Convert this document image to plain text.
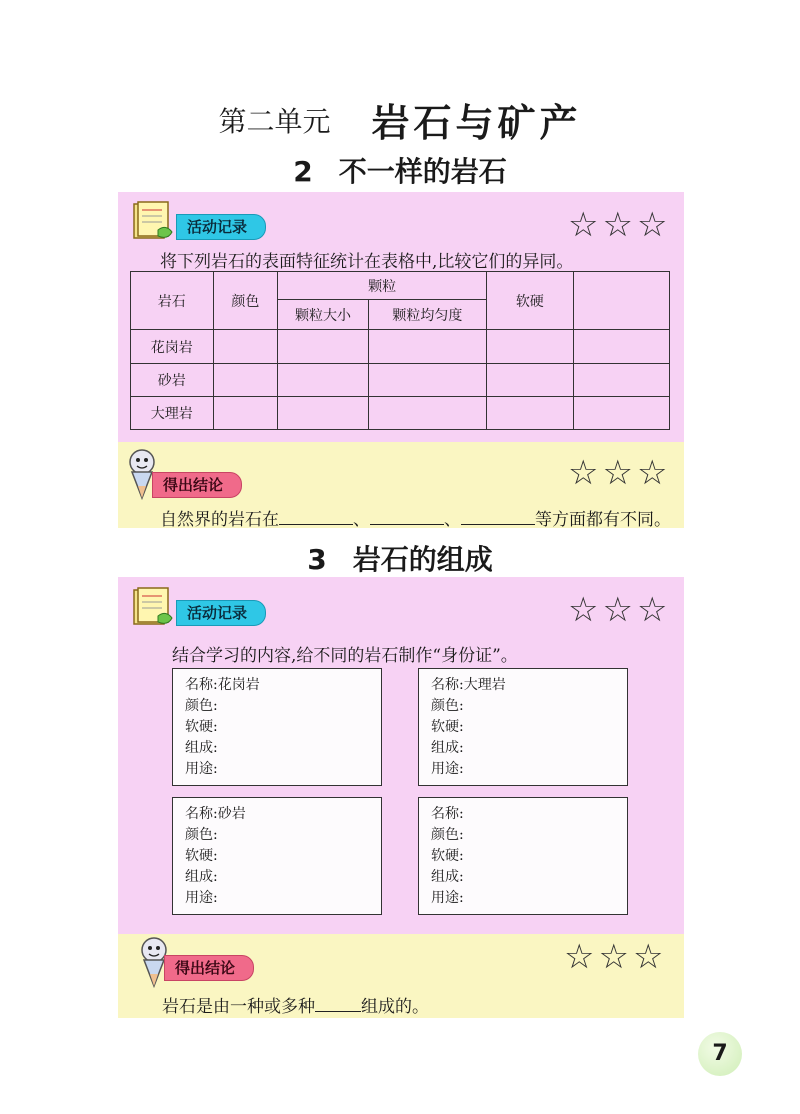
第二单元 岩石与矿产
2 不一样的岩石
活动记录	☆☆☆
将下列岩石的表面特征统计在表格中,比较它们的异同。
岩石	颜色	颗粒		软硬	
		颗粒大小	颗粒均匀度		
花岗岩					
砂岩					
大理岩					
得出结论	☆☆☆
自然界的岩石在	、	、	等方面都有不同。
3 岩石的组成
活动记录	☆☆☆
结合学习的内容,给不同的岩石制作“身份证”。
名称:花岗岩
颜色:
软硬:
组成:
用途:
名称:大理岩
颜色:
软硬:
组成:
用途:
名称:砂岩
颜色:
软硬:
组成:
用途:
名称:
颜色:
软硬:
组成:
用途:
得出结论	☆☆☆
岩石是由一种或多种	组成的。
7
